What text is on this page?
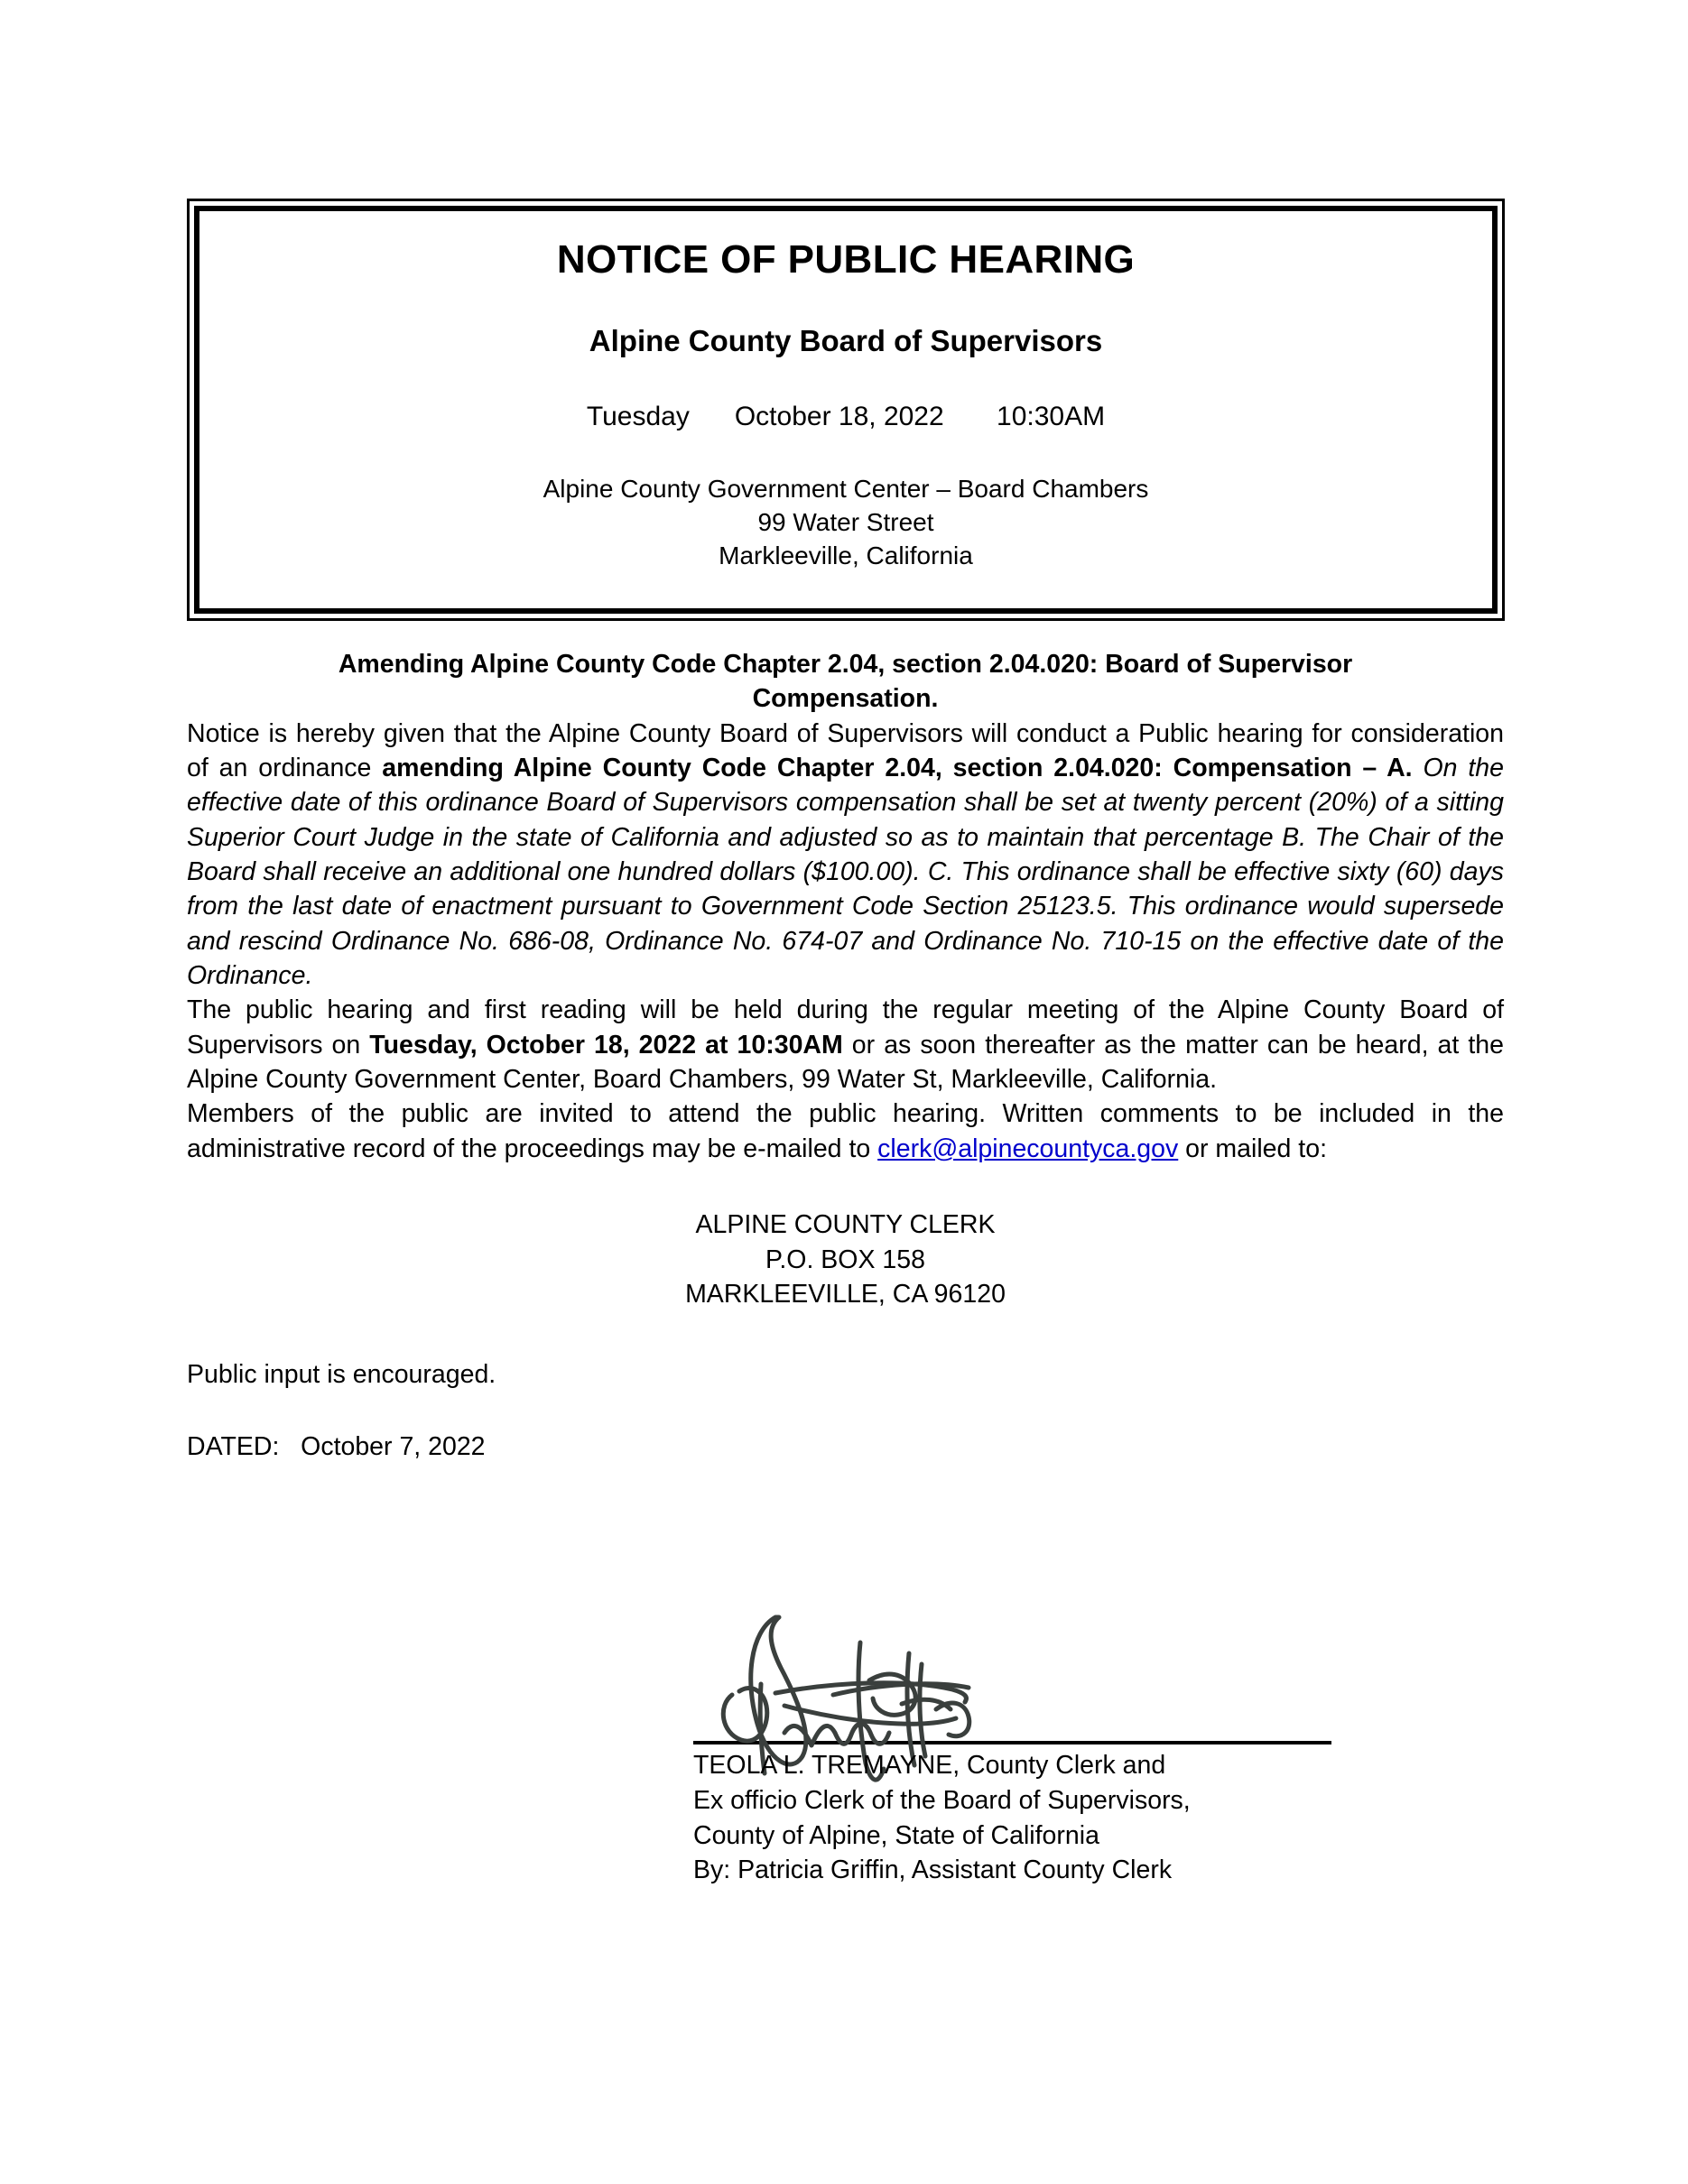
NOTICE OF PUBLIC HEARING
Alpine County Board of Supervisors
Tuesday      October 18, 2022       10:30AM
Alpine County Government Center – Board Chambers
99 Water Street
Markleeville, California
Amending Alpine County Code Chapter 2.04, section 2.04.020: Board of Supervisor Compensation.

Notice is hereby given that the Alpine County Board of Supervisors will conduct a Public hearing for consideration of an ordinance amending Alpine County Code Chapter 2.04, section 2.04.020: Compensation – A. On the effective date of this ordinance Board of Supervisors compensation shall be set at twenty percent (20%) of a sitting Superior Court Judge in the state of California and adjusted so as to maintain that percentage B. The Chair of the Board shall receive an additional one hundred dollars ($100.00). C. This ordinance shall be effective sixty (60) days from the last date of enactment pursuant to Government Code Section 25123.5. This ordinance would supersede and rescind Ordinance No. 686-08, Ordinance No. 674-07 and Ordinance No. 710-15 on the effective date of the Ordinance.

The public hearing and first reading will be held during the regular meeting of the Alpine County Board of Supervisors on Tuesday, October 18, 2022 at 10:30AM or as soon thereafter as the matter can be heard, at the Alpine County Government Center, Board Chambers, 99 Water St, Markleeville, California.

Members of the public are invited to attend the public hearing. Written comments to be included in the administrative record of the proceedings may be e-mailed to clerk@alpinecountyca.gov or mailed to:

ALPINE COUNTY CLERK
P.O. BOX 158
MARKLEEVILLE, CA 96120
Public input is encouraged.
DATED:   October 7, 2022
TEOLA L. TREMAYNE, County Clerk and
Ex officio Clerk of the Board of Supervisors,
County of Alpine, State of California
By: Patricia Griffin, Assistant County Clerk
